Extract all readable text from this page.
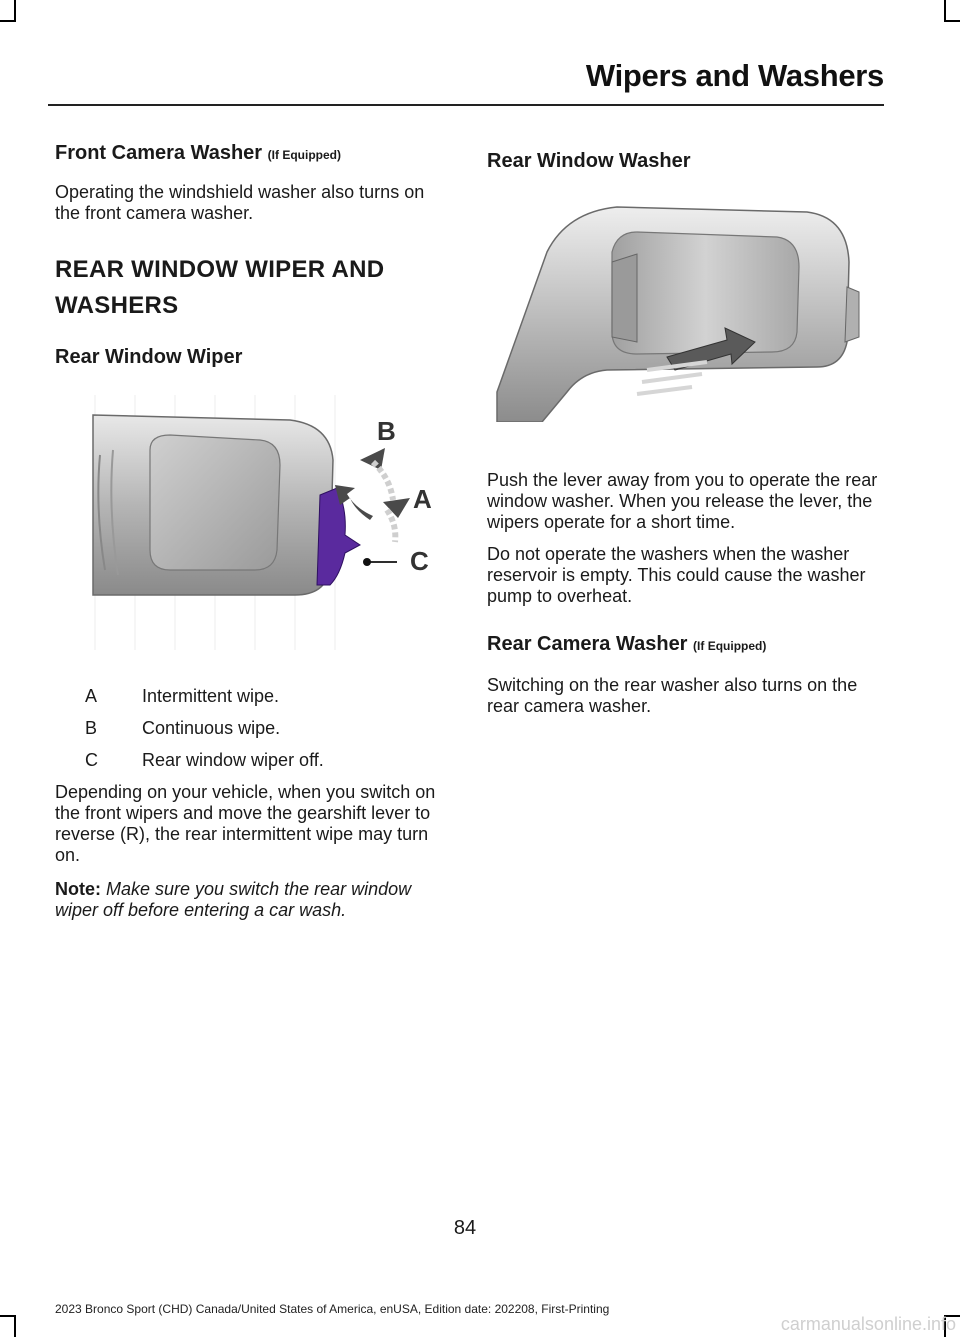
Wipers and Washers
Front Camera Washer (If Equipped)

Operating the windshield washer also turns on the front camera washer.

REAR WINDOW WIPER AND
WASHERS
Rear Window Wiper
B
A
C
A	Intermittent wipe.
B	Continuous wipe.
C	Rear window wiper off.

Depending on your vehicle, when you switch on the front wipers and move the gearshift lever to reverse (R), the rear intermittent wipe may turn on.

Note: Make sure you switch the rear window wiper off before entering a car wash.

Rear Window Washer

Push the lever away from you to operate the rear window washer. When you release the lever, the wipers operate for a short time.

Do not operate the washers when the washer reservoir is empty. This could cause the washer pump to overheat.

Rear Camera Washer (If Equipped)

Switching on the rear washer also turns on the rear camera washer.

84
2023 Bronco Sport (CHD) Canada/United States of America, enUSA, Edition date: 202208, First-Printing
carmanualsonline.info
